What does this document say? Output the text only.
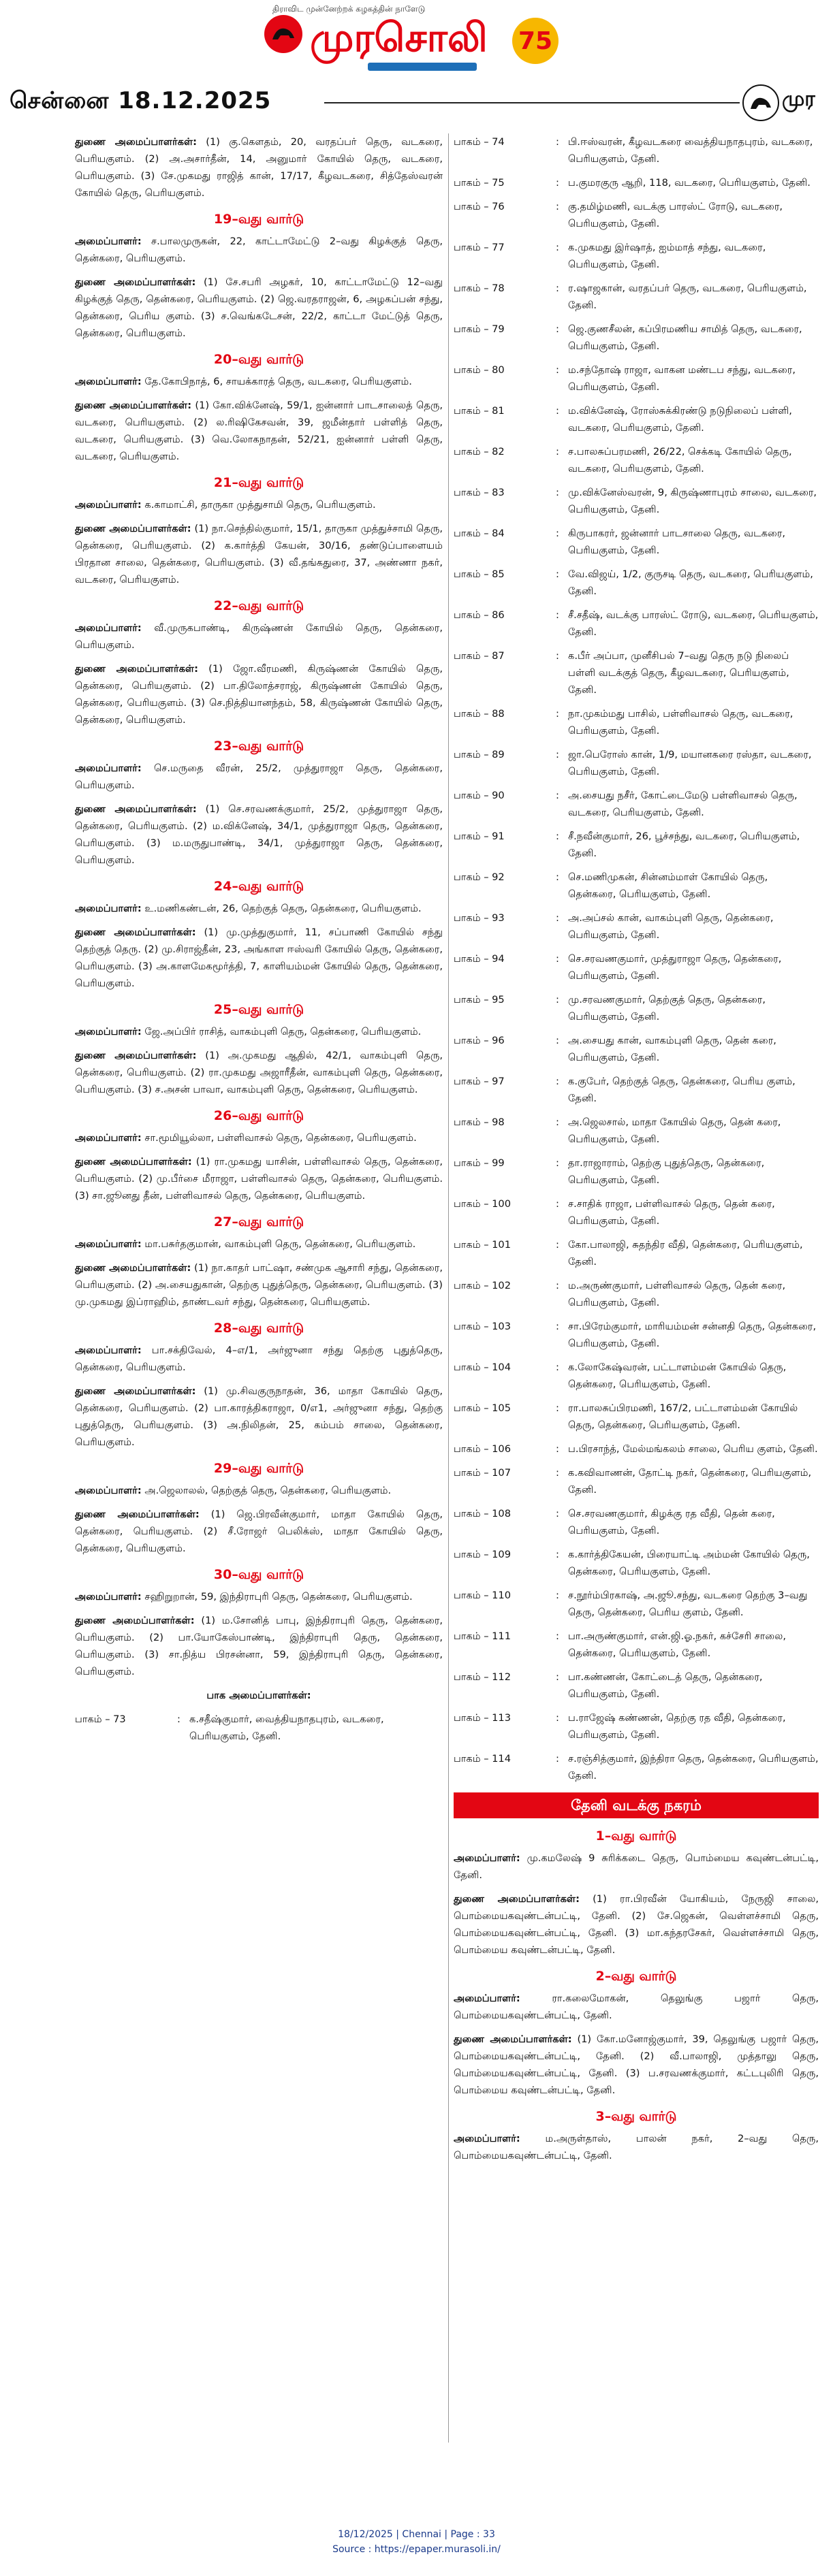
திராவிட முன்னேற்றக் கழகத்தின் நாளேடு
முரசொலி 75
சென்னை 18.12.2025	முர

துணை அமைப்பாளர்கள்: (1) கு.கௌதம், 20, வரதப்பர் தெரு, வடகரை, பெரியகுளம். (2) அ.அசார்தீன், 14, அனுமார் கோயில் தெரு, வடகரை, பெரியகுளம். (3) சே.முகமது ராஜித் கான், 17/17, கீழவடகரை, சித்தேஸ்வரன் கோயில் தெரு, பெரியகுளம்.

19–வது வார்டு

அமைப்பாளர்: ச.பாலமுருகன், 22, காட்டாமேட்டு 2–வது கிழக்குத் தெரு, தென்கரை, பெரியகுளம்.

துணை அமைப்பாளர்கள்: (1) சே.சபரி அழகர், 10, காட்டாமேட்டு 12–வது கிழக்குத் தெரு, தென்கரை, பெரியகுளம். (2) ஜெ.வரதராஜன், 6, அழகப்பன் சந்து, தென்கரை, பெரிய குளம். (3) ச.வெங்கடேசன், 22/2, காட்டா மேட்டுத் தெரு, தென்கரை, பெரியகுளம்.

20–வது வார்டு

அமைப்பாளர்: தே.கோபிநாத், 6, சாயக்காரத் தெரு, வடகரை, பெரியகுளம்.

துணை அமைப்பாளர்கள்: (1) கோ.விக்னேஷ், 59/1, ஐன்னார் பாடசாலைத் தெரு, வடகரை, பெரியகுளம். (2) ல.ரிஷிகேசவன், 39, ஜமீன்தார் பள்ளித் தெரு, வடகரை, பெரியகுளம். (3) வெ.லோகநாதன், 52/21, ஐன்னார் பள்ளி தெரு, வடகரை, பெரியகுளம்.

21–வது வார்டு

அமைப்பாளர்: க.காமாட்சி, தாருகா முத்துசாமி தெரு, பெரியகுளம்.

துணை அமைப்பாளர்கள்: (1) நா.செந்தில்குமார், 15/1, தாருகா முத்துச்சாமி தெரு, தென்கரை, பெரியகுளம். (2) க.கார்த்தி கேயன், 30/16, தண்டுப்பாளையம் பிரதான சாலை, தென்கரை, பெரியகுளம். (3) வீ.தங்கதுரை, 37, அண்ணா நகர், வடகரை, பெரியகுளம்.

22–வது வார்டு

அமைப்பாளர்: வீ.முருகபாண்டி, கிருஷ்ணன் கோயில் தெரு, தென்கரை, பெரியகுளம்.

துணை அமைப்பாளர்கள்: (1) ஜோ.வீரமணி, கிருஷ்ணன் கோயில் தெரு, தென்கரை, பெரியகுளம். (2) பா.திலோத்சராஜ், கிருஷ்ணன் கோயில் தெரு, தென்கரை, பெரியகுளம். (3) செ.நித்தியானந்தம், 58, கிருஷ்ணன் கோயில் தெரு, தென்கரை, பெரியகுளம்.

23–வது வார்டு

அமைப்பாளர்: செ.மருதை வீரன், 25/2, முத்துராஜா தெரு, தென்கரை, பெரியகுளம்.

துணை அமைப்பாளர்கள்: (1) செ.சரவணக்குமார், 25/2, முத்துராஜா தெரு, தென்கரை, பெரியகுளம். (2) ம.விக்னேஷ், 34/1, முத்துராஜா தெரு, தென்கரை, பெரியகுளம். (3) ம.மருதுபாண்டி, 34/1, முத்துராஜா தெரு, தென்கரை, பெரியகுளம்.

24–வது வார்டு

அமைப்பாளர்: உ.மணிகண்டன், 26, தெற்குத் தெரு, தென்கரை, பெரியகுளம்.

துணை அமைப்பாளர்கள்: (1) மு.முத்துகுமார், 11, சப்பாணி கோயில் சந்து தெற்குத் தெரு. (2) மு.சிராஜ்தீன், 23, அங்காள ஈஸ்வரி கோயில் தெரு, தென்கரை, பெரியகுளம். (3) அ.காளமேகமூர்த்தி, 7, காளியம்மன் கோயில் தெரு, தென்கரை, பெரியகுளம்.

25–வது வார்டு

அமைப்பாளர்: ஜே.அப்பிர் ராசித், வாகம்புளி தெரு, தென்கரை, பெரியகுளம்.

துணை அமைப்பாளர்கள்: (1) அ.முகமது ஆதில், 42/1, வாகம்புளி தெரு, தென்கரை, பெரியகுளம். (2) ரா.முகமது அஜாரீதீன், வாகம்புளி தெரு, தென்கரை, பெரியகுளம். (3) ச.அசன் பாவா, வாகம்புளி தெரு, தென்கரை, பெரியகுளம்.

26–வது வார்டு

அமைப்பாளர்: சா.மூமியூல்லா, பள்ளிவாசல் தெரு, தென்கரை, பெரியகுளம்.

துணை அமைப்பாளர்கள்: (1) ரா.முகமது யாசின், பள்ளிவாசல் தெரு, தென்கரை, பெரியகுளம். (2) மு.பீர்சை மீராஜா, பள்ளிவாசல் தெரு, தென்கரை, பெரியகுளம். (3) சா.ஜூனது தீன், பள்ளிவாசல் தெரு, தென்கரை, பெரியகுளம்.

27–வது வார்டு

அமைப்பாளர்: மா.பசுர்தகுமான், வாகம்புளி தெரு, தென்கரை, பெரியகுளம்.

துணை அமைப்பாளர்கள்: (1) நா.காதர் பாட்ஷா, சண்முக ஆசாரி சந்து, தென்கரை, பெரியகுளம். (2) அ.சையதுகான், தெற்கு புதுத்தெரு, தென்கரை, பெரியகுளம். (3) மு.முகமது இப்ராஹிம், தாண்டவர் சந்து, தென்கரை, பெரியகுளம்.

28–வது வார்டு

அமைப்பாளர்: பா.சக்திவேல், 4–எ/1, அர்ஜுனா சந்து தெற்கு புதுத்தெரு, தென்கரை, பெரியகுளம்.

துணை அமைப்பாளர்கள்: (1) மு.சிவகுருநாதன், 36, மாதா கோயில் தெரு, தென்கரை, பெரியகுளம். (2) பா.காரத்திகராஜா, 0/எ1, அர்ஜுனா சந்து, தெற்கு புதுத்தெரு, பெரியகுளம். (3) அ.நிலிதன், 25, கம்பம் சாலை, தென்கரை, பெரியகுளம்.

29–வது வார்டு

அமைப்பாளர்: அ.ஜெலாலல், தெற்குத் தெரு, தென்கரை, பெரியகுளம்.

துணை அமைப்பாளர்கள்: (1) ஜெ.பிரவீன்குமார், மாதா கோயில் தெரு, தென்கரை, பெரியகுளம். (2) சீ.ரோஜர் பெலிக்ஸ், மாதா கோயில் தெரு, தென்கரை, பெரியகுளம்.

30–வது வார்டு

அமைப்பாளர்: சஹிறுறான், 59, இந்திராபுரி தெரு, தென்கரை, பெரியகுளம்.

துணை அமைப்பாளர்கள்: (1) ம.சோனித் பாபு, இந்திராபுரி தெரு, தென்கரை, பெரியகுளம். (2) பா.யோகேஸ்பாண்டி, இந்திராபுரி தெரு, தென்கரை, பெரியகுளம். (3) சா.நித்ய பிரசன்னா, 59, இந்திராபுரி தெரு, தென்கரை, பெரியகுளம்.

பாக அமைப்பாளர்கள்:
பாகம் – 73	: க.சதீஷ்குமார், வைத்தியநாதபுரம், வடகரை, பெரியகுளம், தேனி.
பாகம் – 74	: பி.ஈஸ்வரன், கீழவடகரை வைத்தியநாதபுரம், வடகரை, பெரியகுளம், தேனி.
பாகம் – 75	: ப.குமரகுரு ஆறி, 118, வடகரை, பெரியகுளம், தேனி.
பாகம் – 76	: கு.தமிழ்மணி, வடக்கு பாரஸ்ட் ரோடு, வடகரை, பெரியகுளம், தேனி.
பாகம் – 77	: க.முகமது இர்ஷாத், ஐம்மாத் சந்து, வடகரை, பெரியகுளம், தேனி.
பாகம் – 78	: ர.ஷாஜகான், வரதப்பர் தெரு, வடகரை, பெரியகுளம், தேனி.
பாகம் – 79	: ஜெ.குணசீலன், கப்பிரமணிய சாமித் தெரு, வடகரை, பெரியகுளம், தேனி.
பாகம் – 80	: ம.சந்தோஷ் ராஜா, வாகன மண்டப சந்து, வடகரை, பெரியகுளம், தேனி.
பாகம் – 81	: ம.விக்னேஷ், ரோஸ்சுக்கிரண்டு நடுநிலைப் பள்ளி, வடகரை, பெரியகுளம், தேனி.
பாகம் – 82	: ச.பாலசுப்பரமணி, 26/22, செக்கடி கோயில் தெரு, வடகரை, பெரியகுளம், தேனி.
பாகம் – 83	: மு.விக்னேஸ்வரன், 9, கிருஷ்ணாபுரம் சாலை, வடகரை, பெரியகுளம், தேனி.
பாகம் – 84	: கிருபாகரர், ஜன்னார் பாடசாலை தெரு, வடகரை, பெரியகுளம், தேனி.
பாகம் – 85	: வே.விஜய், 1/2, குருசடி தெரு, வடகரை, பெரியகுளம், தேனி.
பாகம் – 86	: சீ.சதீஷ், வடக்கு பாரஸ்ட் ரோடு, வடகரை, பெரியகுளம், தேனி.
பாகம் – 87	: க.பீர் அப்பா, முனீசிபல் 7–வது தெரு நடு நிலைப் பள்ளி வடக்குத் தெரு, கீழவடகரை, பெரியகுளம், தேனி.
பாகம் – 88	: நா.முகம்மது பாசில், பள்ளிவாசல் தெரு, வடகரை, பெரியகுளம், தேனி.
பாகம் – 89	: ஜா.பெரோஸ் கான், 1/9, மயானகரை ரஸ்தா, வடகரை, பெரியகுளம், தேனி.
பாகம் – 90	: அ.சையது நசீர், கோட்டைமேடு பள்ளிவாசல் தெரு, வடகரை, பெரியகுளம், தேனி.
பாகம் – 91	: சீ.நவீன்குமார், 26, பூச்சந்து, வடகரை, பெரியகுளம், தேனி.
பாகம் – 92	: செ.மணிமுகன், சின்னம்மாள் கோயில் தெரு, தென்கரை, பெரியகுளம், தேனி.
பாகம் – 93	: அ.அப்சல் கான், வாகம்புளி தெரு, தென்கரை, பெரியகுளம், தேனி.
பாகம் – 94	: செ.சரவணகுமார், முத்துராஜா தெரு, தென்கரை, பெரியகுளம், தேனி.
பாகம் – 95	: மு.சரவணகுமார், தெற்குத் தெரு, தென்கரை, பெரியகுளம், தேனி.
பாகம் – 96	: அ.சையது கான், வாகம்புளி தெரு, தென் கரை, பெரியகுளம், தேனி.
பாகம் – 97	: க.குபேர், தெற்குத் தெரு, தென்கரை, பெரிய குளம், தேனி.
பாகம் – 98	: அ.ஜெலசால், மாதா கோயில் தெரு, தென் கரை, பெரியகுளம், தேனி.
பாகம் – 99	: தா.ராஜாராம், தெற்கு புதுத்தெரு, தென்கரை, பெரியகுளம், தேனி.
பாகம் – 100	: ச.சாதிக் ராஜா, பள்ளிவாசல் தெரு, தென் கரை, பெரியகுளம், தேனி.
பாகம் – 101	: கோ.பாலாஜி, சுதந்திர வீதி, தென்கரை, பெரியகுளம், தேனி.
பாகம் – 102	: ம.அருண்குமார், பள்ளிவாசல் தெரு, தென் கரை, பெரியகுளம், தேனி.
பாகம் – 103	: சா.பிரேம்குமார், மாரியம்மன் சன்னதி தெரு, தென்கரை, பெரியகுளம், தேனி.
பாகம் – 104	: க.லோகேஷ்வரன், பட்டாளம்மன் கோயில் தெரு, தென்கரை, பெரியகுளம், தேனி.
பாகம் – 105	: ரா.பாலசுப்பிரமணி, 167/2, பட்டாளம்மன் கோயில் தெரு, தென்கரை, பெரியகுளம், தேனி.
பாகம் – 106	: ப.பிரசாந்த், மேல்மங்கலம் சாலை, பெரிய குளம், தேனி.
பாகம் – 107	: க.கவிவாணன், தோட்டி நகர், தென்கரை, பெரியகுளம், தேனி.
பாகம் – 108	: செ.சரவணகுமார், கிழக்கு ரத வீதி, தென் கரை, பெரியகுளம், தேனி.
பாகம் – 109	: க.கார்த்திகேயன், பிரையாட்டி அம்மன் கோயில் தெரு, தென்கரை, பெரியகுளம், தேனி.
பாகம் – 110	: ச.நூர்ம்பிரகாஷ், அ.ஜூ.சந்து, வடகரை தெற்கு 3–வது தெரு, தென்கரை, பெரிய குளம், தேனி.
பாகம் – 111	: பா.அருண்குமார், என்.ஜி.ஓ.நகர், கச்சேரி சாலை, தென்கரை, பெரியகுளம், தேனி.
பாகம் – 112	: பா.கண்ணன், கோட்டைத் தெரு, தென்கரை, பெரியகுளம், தேனி.
பாகம் – 113	: ப.ராஜேஷ் கண்ணன், தெற்கு ரத வீதி, தென்கரை, பெரியகுளம், தேனி.
பாகம் – 114	: ச.ரஞ்சித்குமார், இந்திரா தெரு, தென்கரை, பெரியகுளம், தேனி.
தேனி வடக்கு நகரம்
1–வது வார்டு

அமைப்பாளர்: மு.கமலேஷ் 9 சுரிக்கடை தெரு, பொம்மைய கவுண்டன்பட்டி, தேனி.

துணை அமைப்பாளர்கள்: (1) ரா.பிரவீன் யோகியம், நேருஜி சாலை, பொம்மையகவுண்டன்பட்டி, தேனி. (2) சே.ஜெகன், வெள்ளச்சாமி தெரு, பொம்மையகவுண்டன்பட்டி, தேனி. (3) மா.கந்தரசேகர், வெள்ளச்சாமி தெரு, பொம்மைய கவுண்டன்பட்டி, தேனி.

2–வது வார்டு

அமைப்பாளர்: ரா.கலைமோகன், தெலுங்கு பஜார் தெரு, பொம்மையகவுண்டன்பட்டி, தேனி.

துணை அமைப்பாளர்கள்: (1) கோ.மனோஜ்குமார், 39, தெலுங்கு பஜார் தெரு, பொம்மையகவுண்டன்பட்டி, தேனி. (2) வீ.பாலாஜி, முத்தாலு தெரு, பொம்மையகவுண்டன்பட்டி, தேனி. (3) ப.சரவணக்குமார், கட்டபுலிரி தெரு, பொம்மைய கவுண்டன்பட்டி, தேனி.

3–வது வார்டு

அமைப்பாளர்: ம.அருள்தாஸ், பாலன் நகர், 2–வது தெரு, பொம்மையகவுண்டன்பட்டி, தேனி.

18/12/2025 | Chennai | Page : 33
Source : https://epaper.murasoli.in/
